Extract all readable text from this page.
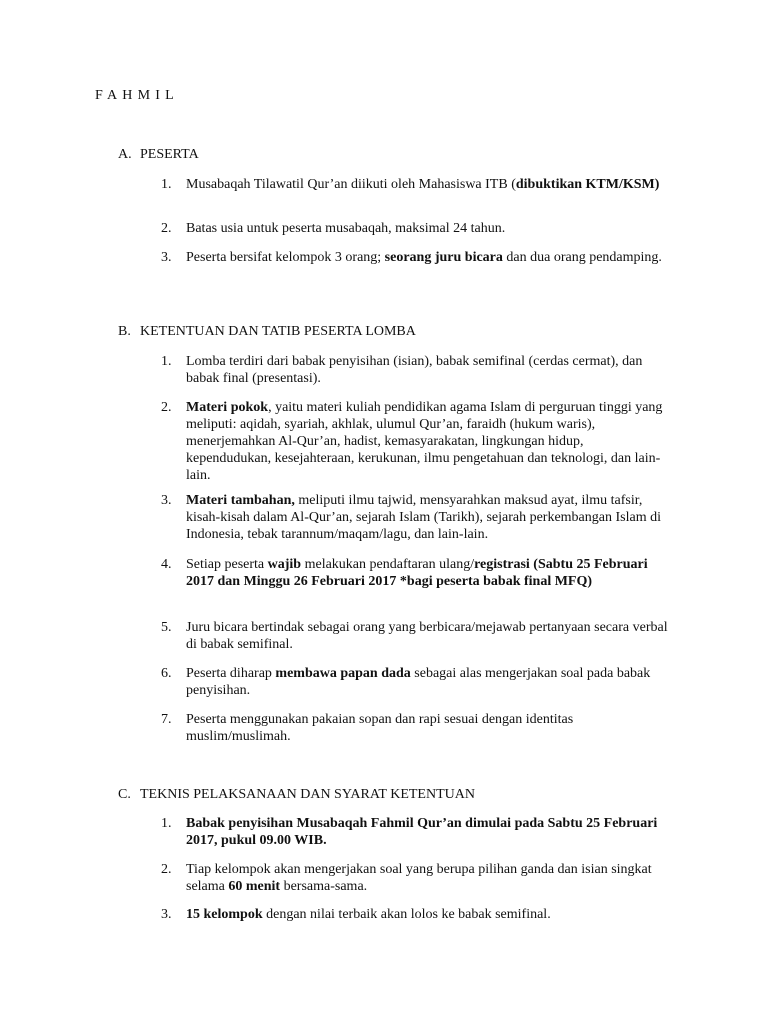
FAHMIL
A. PESERTA
1. Musabaqah Tilawatil Qur’an diikuti oleh Mahasiswa ITB (dibuktikan KTM/KSM)
2. Batas usia untuk peserta musabaqah, maksimal 24 tahun.
3. Peserta bersifat kelompok 3 orang; seorang juru bicara dan dua orang pendamping.
B. KETENTUAN DAN TATIB PESERTA LOMBA
1. Lomba terdiri dari babak penyisihan (isian), babak semifinal (cerdas cermat), dan babak final (presentasi).
2. Materi pokok, yaitu materi kuliah pendidikan agama Islam di perguruan tinggi yang meliputi: aqidah, syariah, akhlak, ulumul Qur’an, faraidh (hukum waris), menerjemahkan Al-Qur’an, hadist, kemasyarakatan, lingkungan hidup, kependudukan, kesejahteraan, kerukunan, ilmu pengetahuan dan teknologi, dan lain-lain.
3. Materi tambahan, meliputi ilmu tajwid, mensyarahkan maksud ayat, ilmu tafsir, kisah-kisah dalam Al-Qur’an, sejarah Islam (Tarikh), sejarah perkembangan Islam di Indonesia, tebak tarannum/maqam/lagu, dan lain-lain.
4. Setiap peserta wajib melakukan pendaftaran ulang/registrasi (Sabtu 25 Februari 2017 dan Minggu 26 Februari 2017 *bagi peserta babak final MFQ)
5. Juru bicara bertindak sebagai orang yang berbicara/mejawab pertanyaan secara verbal di babak semifinal.
6. Peserta diharap membawa papan dada sebagai alas mengerjakan soal pada babak penyisihan.
7. Peserta menggunakan pakaian sopan dan rapi sesuai dengan identitas muslim/muslimah.
C. TEKNIS PELAKSANAAN DAN SYARAT KETENTUAN
1. Babak penyisihan Musabaqah Fahmil Qur’an dimulai pada Sabtu 25 Februari 2017, pukul 09.00 WIB.
2. Tiap kelompok akan mengerjakan soal yang berupa pilihan ganda dan isian singkat selama 60 menit bersama-sama.
3. 15 kelompok dengan nilai terbaik akan lolos ke babak semifinal.
